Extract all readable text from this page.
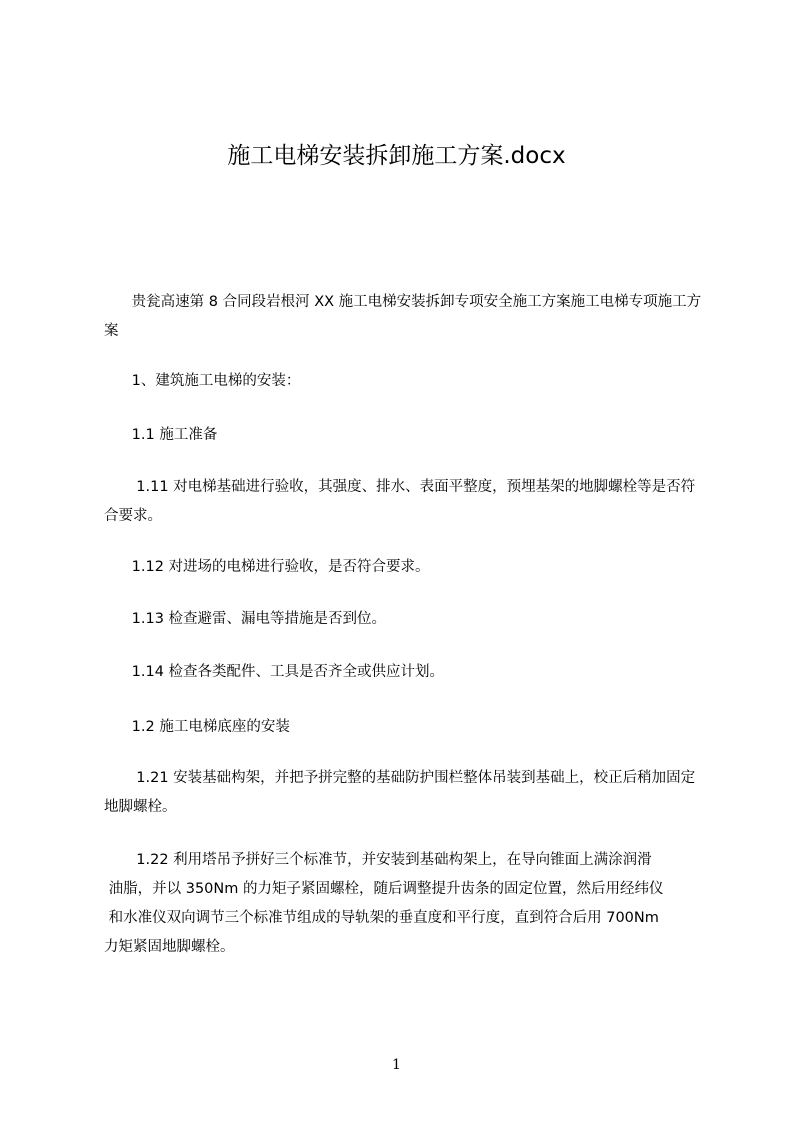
施工电梯安装拆卸施工方案.docx
贵瓮高速第 8 合同段岩根河 XX 施工电梯安装拆卸专项安全施工方案施工电梯专项施工方案
1、建筑施工电梯的安装：
1.1 施工准备
1.11 对电梯基础进行验收，其强度、排水、表面平整度，预埋基架的地脚螺栓等是否符合要求。
1.12 对进场的电梯进行验收，是否符合要求。
1.13 检查避雷、漏电等措施是否到位。
1.14 检查各类配件、工具是否齐全或供应计划。
1.2 施工电梯底座的安装
1.21 安装基础构架，并把予拼完整的基础防护围栏整体吊装到基础上，校正后稍加固定地脚螺栓。
1.22 利用塔吊予拼好三个标准节，并安装到基础构架上，在导向锥面上满涂润滑
油脂，并以 350Nm 的力矩子紧固螺栓，随后调整提升齿条的固定位置，然后用经纬仪
和水准仪双向调节三个标准节组成的导轨架的垂直度和平行度，直到符合后用 700Nm
力矩紧固地脚螺栓。
1
